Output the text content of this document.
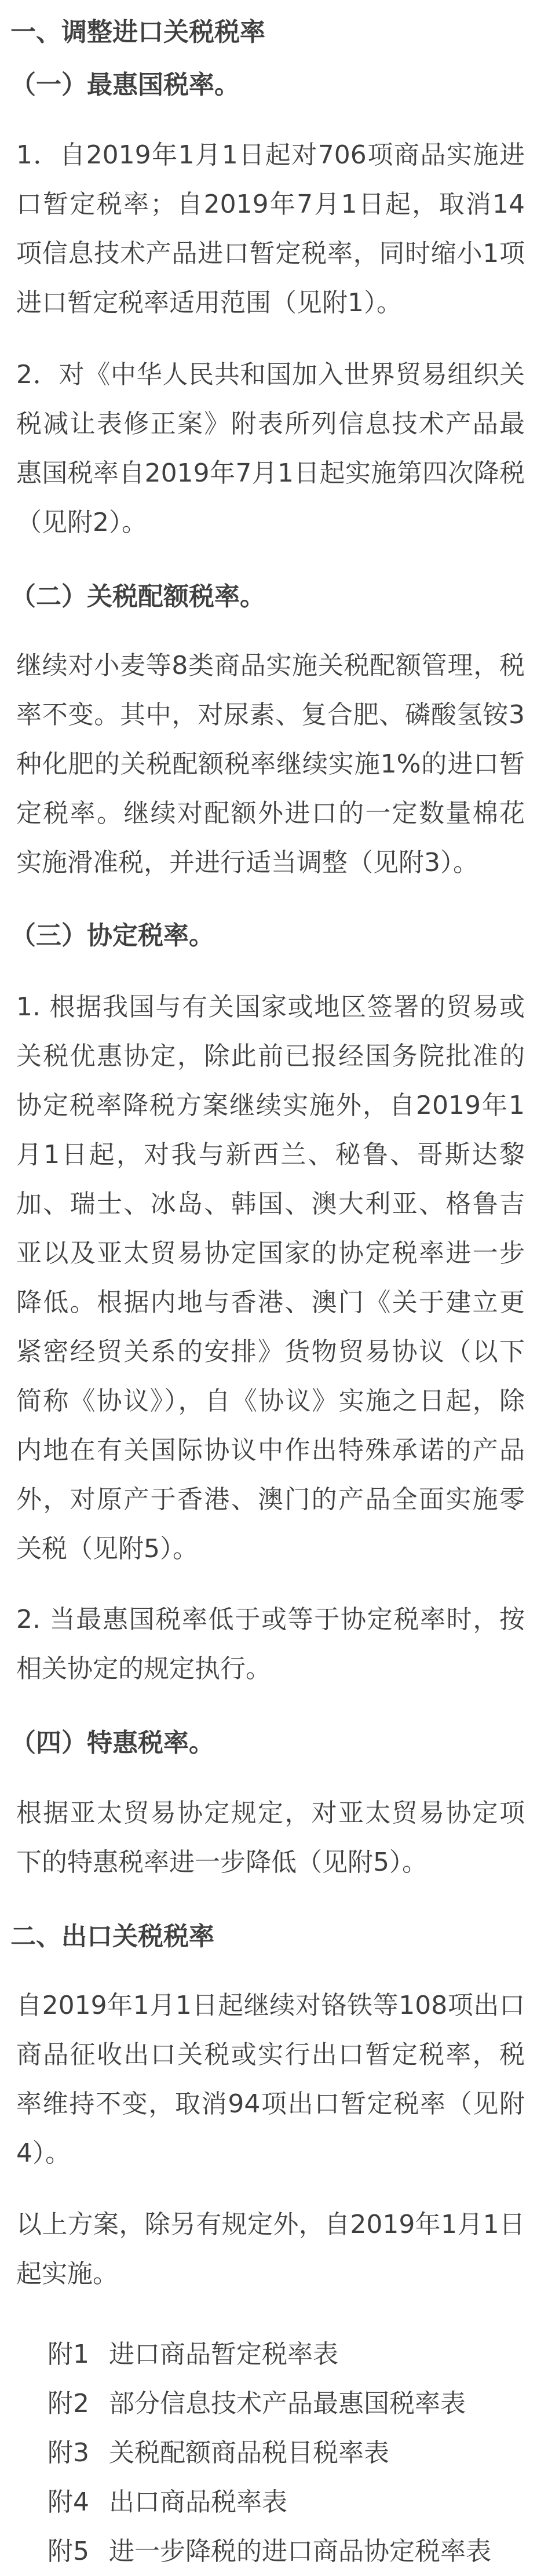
一、调整进口关税税率

（一）最惠国税率。

1．自2019年1月1日起对706项商品实施进口暂定税率；自2019年7月1日起，取消14项信息技术产品进口暂定税率，同时缩小1项进口暂定税率适用范围（见附1）。

2．对《中华人民共和国加入世界贸易组织关税减让表修正案》附表所列信息技术产品最惠国税率自2019年7月1日起实施第四次降税（见附2）。

（二）关税配额税率。

继续对小麦等8类商品实施关税配额管理，税率不变。其中，对尿素、复合肥、磷酸氢铵3种化肥的关税配额税率继续实施1%的进口暂定税率。继续对配额外进口的一定数量棉花实施滑准税，并进行适当调整（见附3）。

（三）协定税率。

1. 根据我国与有关国家或地区签署的贸易或关税优惠协定，除此前已报经国务院批准的协定税率降税方案继续实施外，自2019年1月1日起，对我与新西兰、秘鲁、哥斯达黎加、瑞士、冰岛、韩国、澳大利亚、格鲁吉亚以及亚太贸易协定国家的协定税率进一步降低。根据内地与香港、澳门《关于建立更紧密经贸关系的安排》货物贸易协议（以下简称《协议》），自《协议》实施之日起，除内地在有关国际协议中作出特殊承诺的产品外，对原产于香港、澳门的产品全面实施零关税（见附5）。

2. 当最惠国税率低于或等于协定税率时，按相关协定的规定执行。

（四）特惠税率。

根据亚太贸易协定规定，对亚太贸易协定项下的特惠税率进一步降低（见附5）。

二、出口关税税率

自2019年1月1日起继续对铬铁等108项出口商品征收出口关税或实行出口暂定税率，税率维持不变，取消94项出口暂定税率（见附4）。

以上方案，除另有规定外，自2019年1月1日起实施。

附1 进口商品暂定税率表
附2 部分信息技术产品最惠国税率表
附3 关税配额商品税目税率表
附4 出口商品税率表
附5 进一步降税的进口商品协定税率表
